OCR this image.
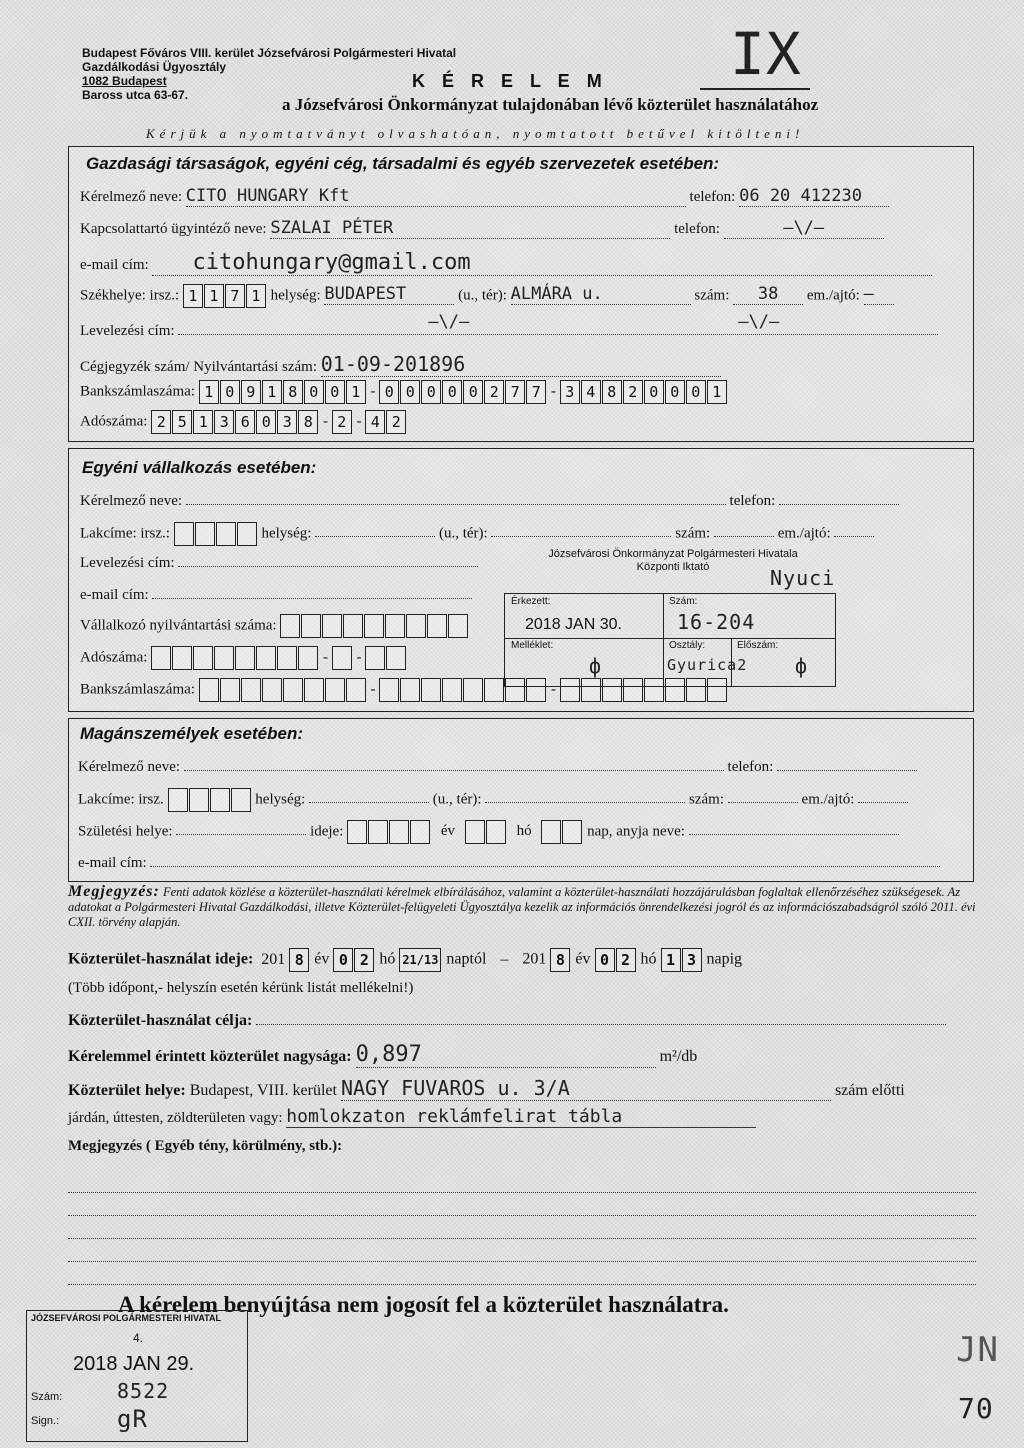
Budapest Főváros VIII. kerület Józsefvárosi Polgármesteri Hivatal
Gazdálkodási Ügyosztály
1082 Budapest
Baross utca 63-67.
K É R E L E M IX
a Józsefvárosi Önkormányzat tulajdonában lévő közterület használatához
Kérjük a nyomtatványt olvashatóan, nyomtatott betűvel kitölteni!
Gazdasági társaságok, egyéni cég, társadalmi és egyéb szervezetek esetében:
Kérelmező neve: CITO HUNGARY Kft	telefon: 06 20 412230
Kapcsolattartó ügyintéző neve: SZALAI PÉTER	telefon:	—\/—
e-mail cím: citohungary@gmail.com
Székhelye: irsz.: 1 1 7 1 helység: BUDAPEST	(u., tér): ALMÁRA u.	szám: 38 em./ajtó: —
Levelezési cím:	—\/—	—\/—
Cégjegyzék szám/ Nyilvántartási szám: 01-09-201896
Bankszámlaszáma: 1 0 9 1 8 0 0 1 - 0 0 0 0 0 2 7 7 - 3 4 8 2 0 0 0 1
Adószáma: 2 5 1 3 6 0 3 8 - 2 - 4 2
Egyéni vállalkozás esetében:
Kérelmező neve:	telefon:
Lakcíme: irsz.:	helység:	(u., tér):	szám:	em./ajtó:
Levelezési cím:
e-mail cím:
Vállalkozó nyilvántartási száma:
Adószáma:	- -
Bankszámlaszáma:	-	-
Józsefvárosi Önkormányzat Polgármesteri Hivatala
Központi Iktató	Nyuci
Érkezett:
2018 JAN 30.
Szám:
16-204
Melléklet:
ф
Osztály:
Gyurica2
Előszám:
ф
Magánszemélyek esetében:
Kérelmező neve:	telefon:
Lakcíme: irsz.	helység:	(u., tér):	szám:	em./ajtó:
Születési helye:	ideje:	év	hó	nap, anyja neve:
e-mail cím:
Megjegyzés: Fenti adatok közlése a közterület-használati kérelmek elbírálásához, valamint a közterület-használati hozzájárulásban foglaltak ellenőrzéséhez szükségesek. Az adatokat a Polgármesteri Hivatal Gazdálkodási, illetve Közterület-felügyeleti Ügyosztálya kezelik az információs önrendelkezési jogról és az információszabadságról szóló 2011. évi CXII. törvény alapján.
Közterület-használat ideje: 201 8 év 0 2 hó 21/13 naptól – 201 8 év 0 2 hó 1 3 napig
(Több időpont,- helyszín esetén kérünk listát mellékelni!)
Közterület-használat célja:
Kérelemmel érintett közterület nagysága: 0,897	m²/db
Közterület helye: Budapest, VIII. kerület NAGY FUVAROS u. 3/A	szám előtti
járdán, úttesten, zöldterületen vagy: homlokzaton reklámfelirat tábla
Megjegyzés ( Egyéb tény, körülmény, stb.):
A kérelem benyújtása nem jogosít fel a közterület használatra.
JÓZSEFVÁROSI POLGÁRMESTERI HIVATAL
4.
2018 JAN 29.
Szám:	8522
Sign.: gR
JN
70
